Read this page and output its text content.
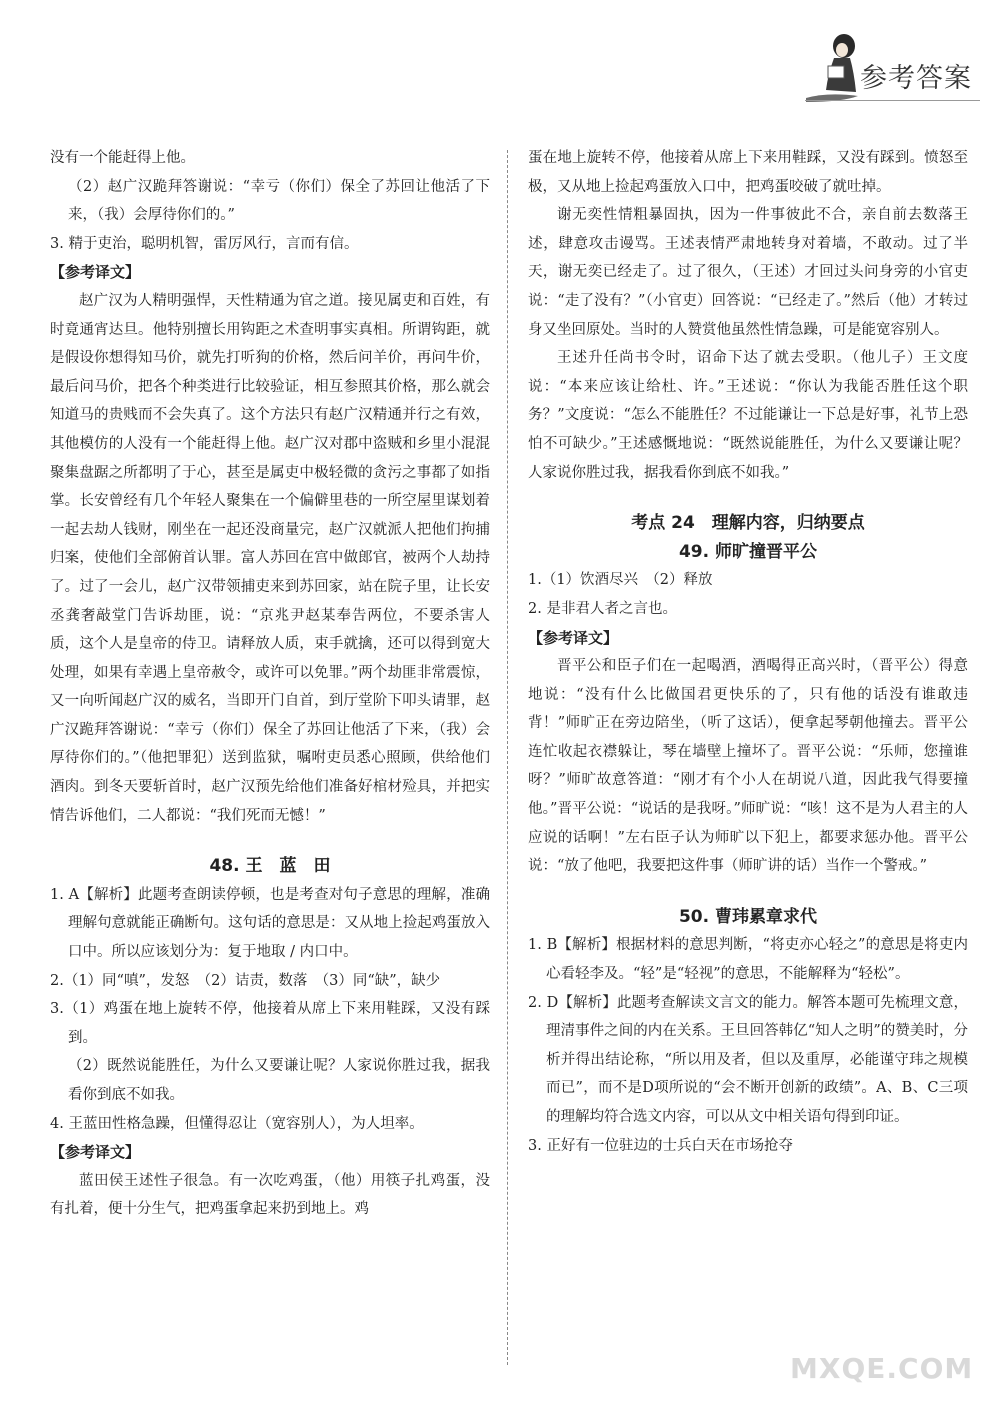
参考答案

没有一个能赶得上他。

（2）赵广汉跪拜答谢说：“幸亏（你们）保全了苏回让他活了下来，（我）会厚待你们的。”

3. 精于吏治，聪明机智，雷厉风行，言而有信。

【参考译文】

赵广汉为人精明强悍，天性精通为官之道。接见属吏和百姓，有时竟通宵达旦。他特别擅长用钩距之术查明事实真相。所谓钩距，就是假设你想得知马价，就先打听狗的价格，然后问羊价，再问牛价，最后问马价，把各个种类进行比较验证，相互参照其价格，那么就会知道马的贵贱而不会失真了。这个方法只有赵广汉精通并行之有效，其他模仿的人没有一个能赶得上他。赵广汉对郡中盗贼和乡里小混混聚集盘踞之所都明了于心，甚至是属吏中极轻微的贪污之事都了如指掌。长安曾经有几个年轻人聚集在一个偏僻里巷的一所空屋里谋划着一起去劫人钱财，刚坐在一起还没商量完，赵广汉就派人把他们拘捕归案，使他们全部俯首认罪。富人苏回在宫中做郎官，被两个人劫持了。过了一会儿，赵广汉带领捕吏来到苏回家，站在院子里，让长安丞龚奢敲堂门告诉劫匪，说：“京兆尹赵某奉告两位，不要杀害人质，这个人是皇帝的侍卫。请释放人质，束手就擒，还可以得到宽大处理，如果有幸遇上皇帝赦令，或许可以免罪。”两个劫匪非常震惊，又一向听闻赵广汉的威名，当即开门自首，到厅堂阶下叩头请罪，赵广汉跪拜答谢说：“幸亏（你们）保全了苏回让他活了下来，（我）会厚待你们的。”（他把罪犯）送到监狱，嘱咐吏员悉心照顾，供给他们酒肉。到冬天要斩首时，赵广汉预先给他们准备好棺材殓具，并把实情告诉他们，二人都说：“我们死而无憾！”

48. 王　蓝　田

1. A【解析】此题考查朗读停顿，也是考查对句子意思的理解，准确理解句意就能正确断句。这句话的意思是：又从地上捡起鸡蛋放入口中。所以应该划分为：复于地取 / 内口中。

2.（1）同“嗔”，发怒　（2）诘责，数落　（3）同“缺”，缺少

3.（1）鸡蛋在地上旋转不停，他接着从席上下来用鞋踩，又没有踩到。

（2）既然说能胜任，为什么又要谦让呢？人家说你胜过我，据我看你到底不如我。

4. 王蓝田性格急躁，但懂得忍让（宽容别人），为人坦率。

【参考译文】

蓝田侯王述性子很急。有一次吃鸡蛋，（他）用筷子扎鸡蛋，没有扎着，便十分生气，把鸡蛋拿起来扔到地上。鸡

蛋在地上旋转不停，他接着从席上下来用鞋踩，又没有踩到。愤怒至极，又从地上捡起鸡蛋放入口中，把鸡蛋咬破了就吐掉。

谢无奕性情粗暴固执，因为一件事彼此不合，亲自前去数落王述，肆意攻击谩骂。王述表情严肃地转身对着墙，不敢动。过了半天，谢无奕已经走了。过了很久，（王述）才回过头问身旁的小官吏说：“走了没有？”（小官吏）回答说：“已经走了。”然后（他）才转过身又坐回原处。当时的人赞赏他虽然性情急躁，可是能宽容别人。

王述升任尚书令时，诏命下达了就去受职。（他儿子）王文度说：“本来应该让给杜、许。”王述说：“你认为我能否胜任这个职务？”文度说：“怎么不能胜任？不过能谦让一下总是好事，礼节上恐怕不可缺少。”王述感慨地说：“既然说能胜任，为什么又要谦让呢？人家说你胜过我，据我看你到底不如我。”

考点 24　理解内容，归纳要点

49. 师旷撞晋平公

1.（1）饮酒尽兴　（2）释放

2. 是非君人者之言也。

【参考译文】

晋平公和臣子们在一起喝酒，酒喝得正高兴时，（晋平公）得意地说：“没有什么比做国君更快乐的了，只有他的话没有谁敢违背！”师旷正在旁边陪坐，（听了这话），便拿起琴朝他撞去。晋平公连忙收起衣襟躲让，琴在墙壁上撞坏了。晋平公说：“乐师，您撞谁呀？”师旷故意答道：“刚才有个小人在胡说八道，因此我气得要撞他。”晋平公说：“说话的是我呀。”师旷说：“咳！这不是为人君主的人应说的话啊！”左右臣子认为师旷以下犯上，都要求惩办他。晋平公说：“放了他吧，我要把这件事（师旷讲的话）当作一个警戒。”

50. 曹玮累章求代

1. B【解析】根据材料的意思判断，“将吏亦心轻之”的意思是将吏内心看轻李及。“轻”是“轻视”的意思，不能解释为“轻松”。

2. D【解析】此题考查解读文言文的能力。解答本题可先梳理文意，理清事件之间的内在关系。王旦回答韩亿“知人之明”的赞美时，分析并得出结论称，“所以用及者，但以及重厚，必能谨守玮之规模而已”，而不是D项所说的“会不断开创新的政绩”。A、B、C三项的理解均符合选文内容，可以从文中相关语句得到印证。

3. 正好有一位驻边的士兵白天在市场抢夺

MXQE.COM
